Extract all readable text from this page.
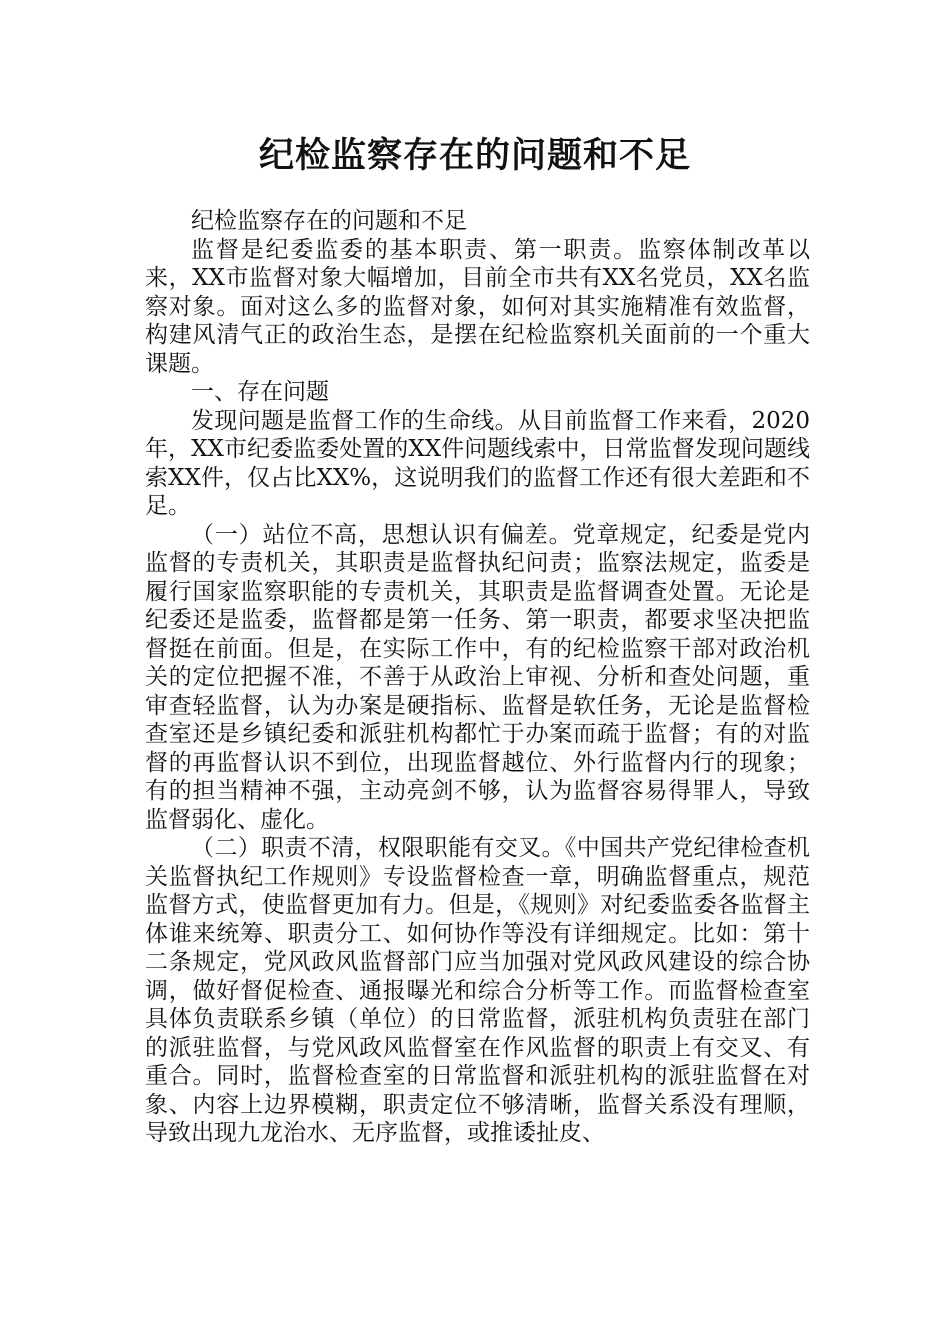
纪检监察存在的问题和不足

纪检监察存在的问题和不足

监督是纪委监委的基本职责、第一职责。监察体制改革以来，XX市监督对象大幅增加，目前全市共有XX名党员，XX名监察对象。面对这么多的监督对象，如何对其实施精准有效监督，构建风清气正的政治生态，是摆在纪检监察机关面前的一个重大课题。

一、存在问题

发现问题是监督工作的生命线。从目前监督工作来看，2020年，XX市纪委监委处置的XX件问题线索中，日常监督发现问题线索XX件，仅占比XX%，这说明我们的监督工作还有很大差距和不足。

（一）站位不高，思想认识有偏差。党章规定，纪委是党内监督的专责机关，其职责是监督执纪问责；监察法规定，监委是履行国家监察职能的专责机关，其职责是监督调查处置。无论是纪委还是监委，监督都是第一任务、第一职责，都要求坚决把监督挺在前面。但是，在实际工作中，有的纪检监察干部对政治机关的定位把握不准，不善于从政治上审视、分析和查处问题，重审查轻监督，认为办案是硬指标、监督是软任务，无论是监督检查室还是乡镇纪委和派驻机构都忙于办案而疏于监督；有的对监督的再监督认识不到位，出现监督越位、外行监督内行的现象；有的担当精神不强，主动亮剑不够，认为监督容易得罪人，导致监督弱化、虚化。

（二）职责不清，权限职能有交叉。《中国共产党纪律检查机关监督执纪工作规则》专设监督检查一章，明确监督重点，规范监督方式，使监督更加有力。但是，《规则》对纪委监委各监督主体谁来统筹、职责分工、如何协作等没有详细规定。比如：第十二条规定，党风政风监督部门应当加强对党风政风建设的综合协调，做好督促检查、通报曝光和综合分析等工作。而监督检查室具体负责联系乡镇（单位）的日常监督，派驻机构负责驻在部门的派驻监督，与党风政风监督室在作风监督的职责上有交叉、有重合。同时，监督检查室的日常监督和派驻机构的派驻监督在对象、内容上边界模糊，职责定位不够清晰，监督关系没有理顺，导致出现九龙治水、无序监督，或推诿扯皮、
